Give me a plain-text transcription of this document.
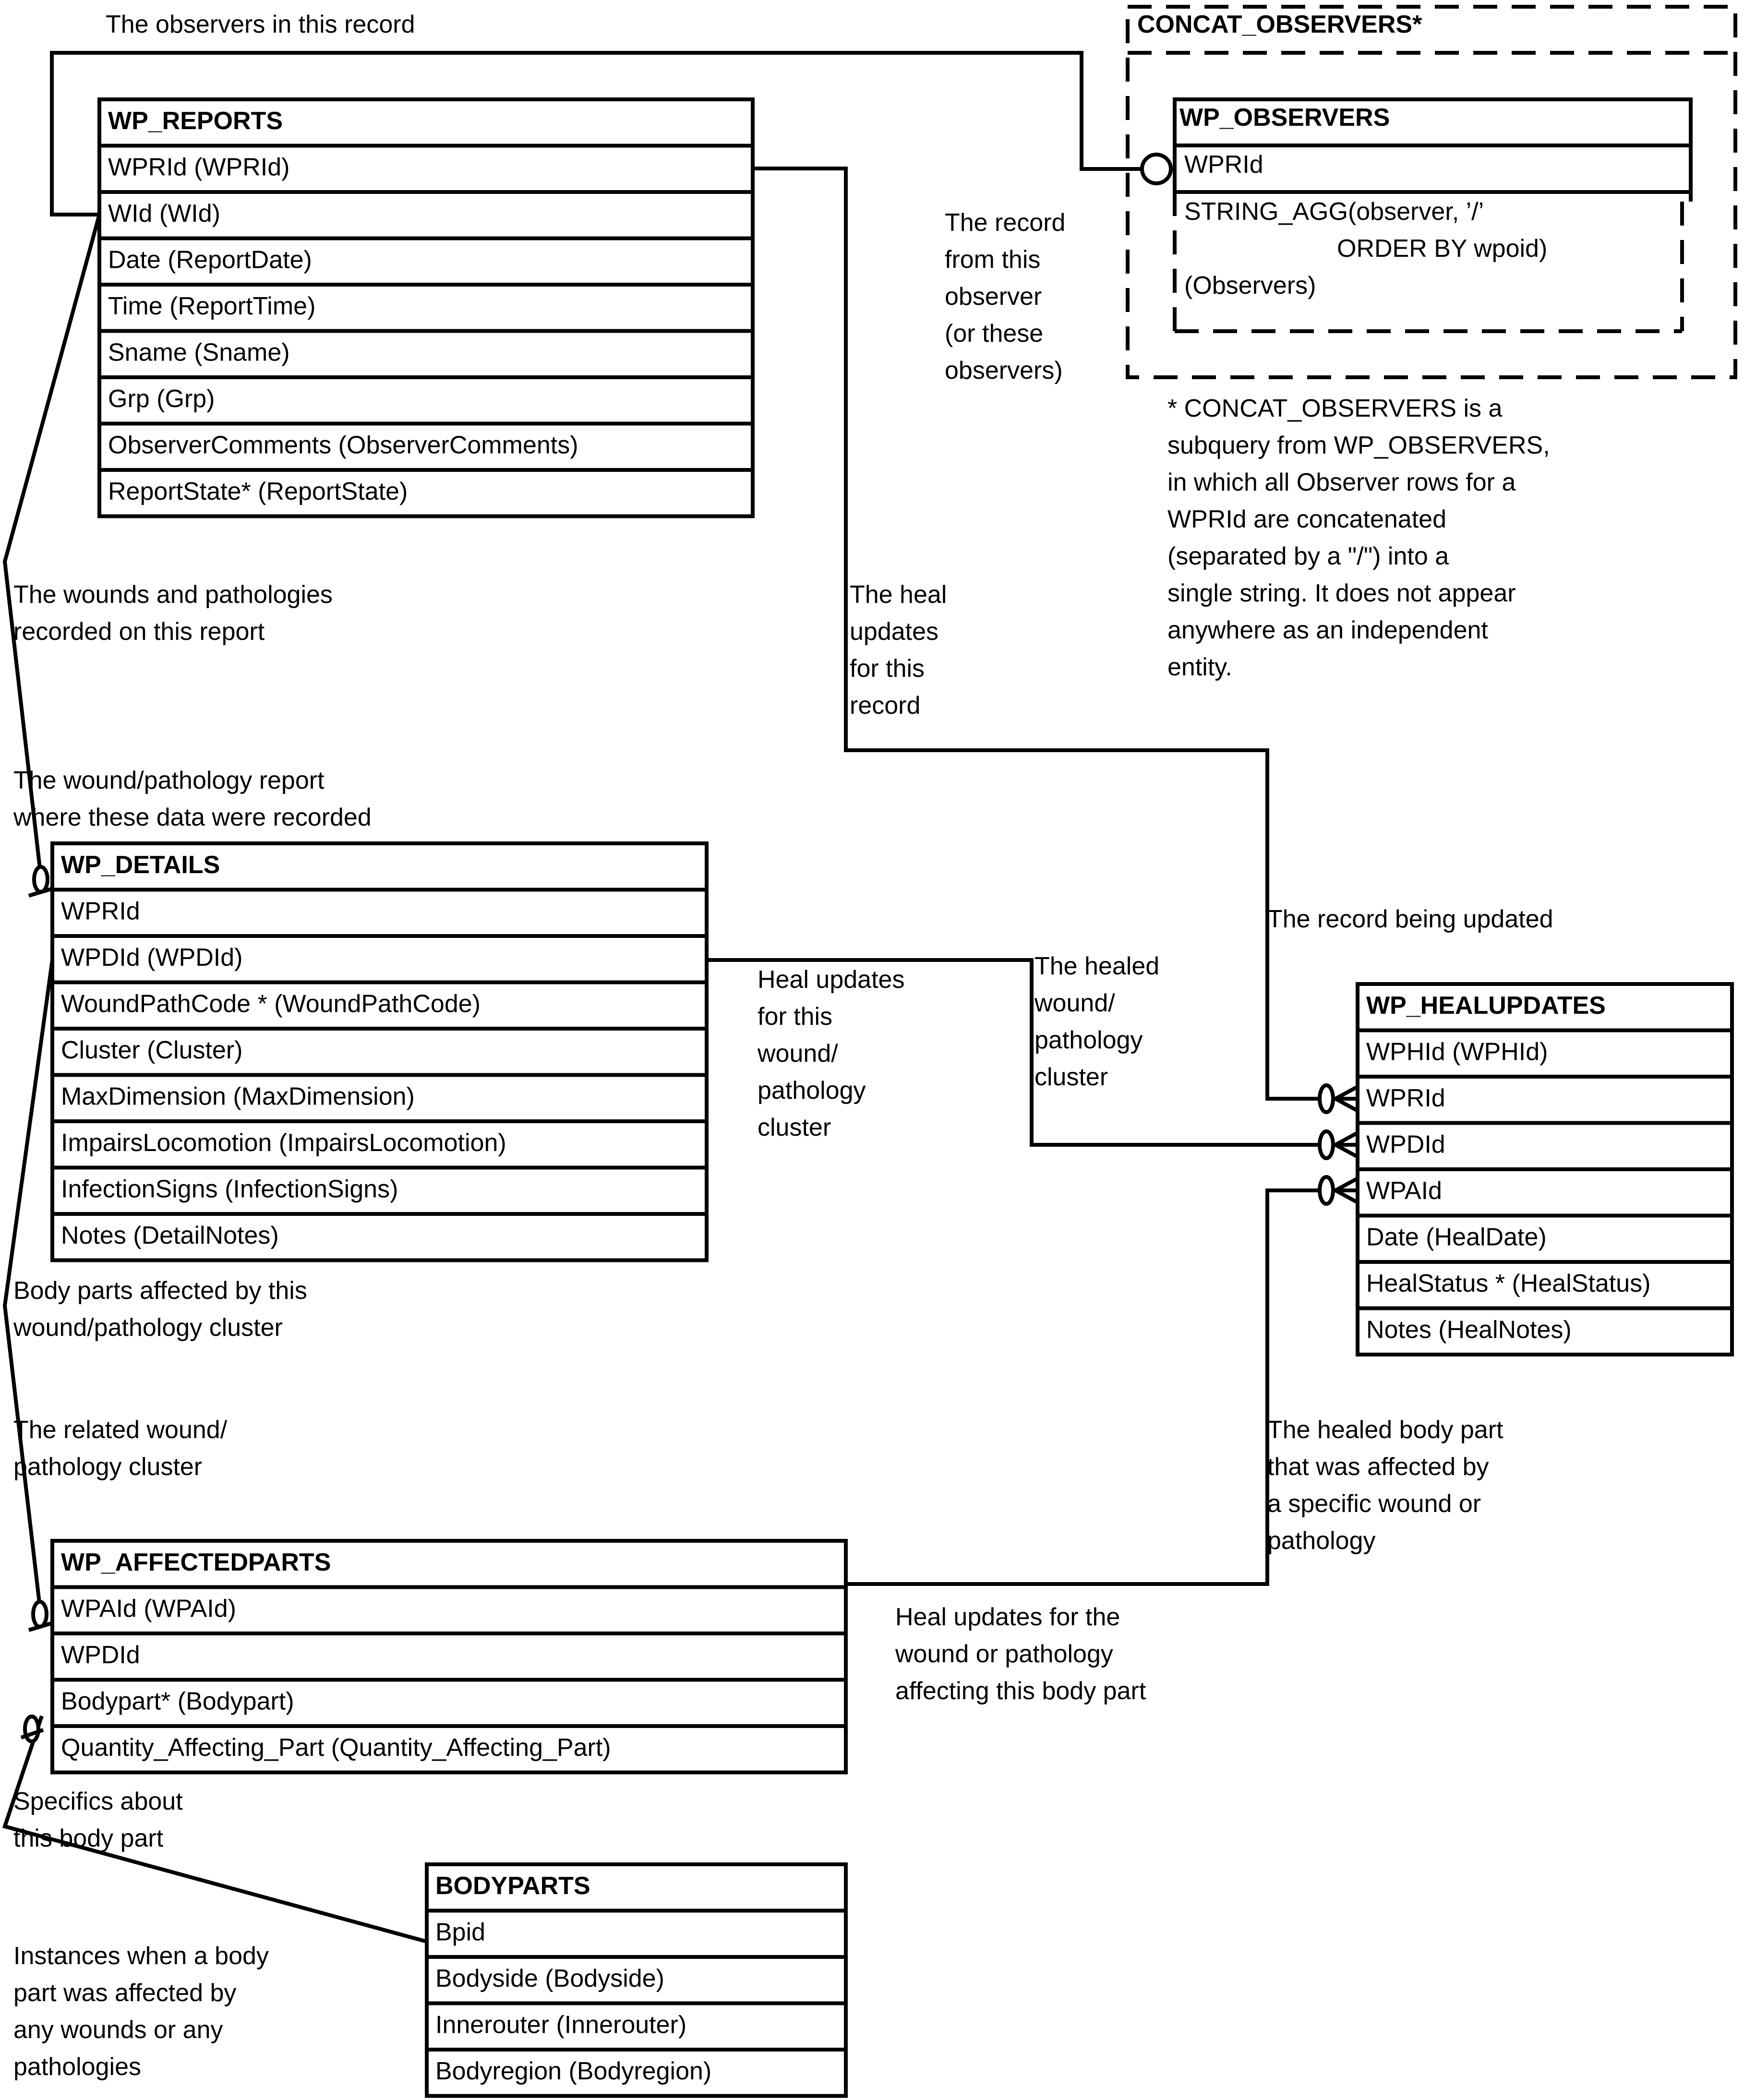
CONCAT_OBSERVERS*
WP_OBSERVERS
WPRId
STRING_AGG(observer, ’/’
ORDER BY wpoid)
(Observers)
WP_REPORTS
WPRId (WPRId)
WId (WId)
Date (ReportDate)
Time (ReportTime)
Sname (Sname)
Grp (Grp)
ObserverComments (ObserverComments)
ReportState* (ReportState)
WP_DETAILS
WPRId
WPDId (WPDId)
WoundPathCode * (WoundPathCode)
Cluster (Cluster)
MaxDimension (MaxDimension)
ImpairsLocomotion (ImpairsLocomotion)
InfectionSigns (InfectionSigns)
Notes (DetailNotes)
WP_HEALUPDATES
WPHId (WPHId)
WPRId
WPDId
WPAId
Date (HealDate)
HealStatus * (HealStatus)
Notes (HealNotes)
WP_AFFECTEDPARTS
WPAId (WPAId)
WPDId
Bodypart* (Bodypart)
Quantity_Affecting_Part (Quantity_Affecting_Part)
BODYPARTS
Bpid
Bodyside (Bodyside)
Innerouter (Innerouter)
Bodyregion (Bodyregion)
The observers in this record
The record from this observer (or these observers)
The wounds and pathologies recorded on this report
The heal updates for this record
The wound/pathology report where these data were recorded
The record being updated
Heal updates for this wound/ pathology cluster
The healed wound/ pathology cluster
Body parts affected by this wound/pathology cluster
The related wound/ pathology cluster
The healed body part that was affected by a specific wound or pathology
Heal updates for the wound or pathology affecting this body part
Specifics about this body part
Instances when a body part was affected by any wounds or any pathologies
* CONCAT_OBSERVERS is a subquery from WP_OBSERVERS, in which all Observer rows for a WPRId are concatenated (separated by a "/") into a single string. It does not appear anywhere as an independent entity.
